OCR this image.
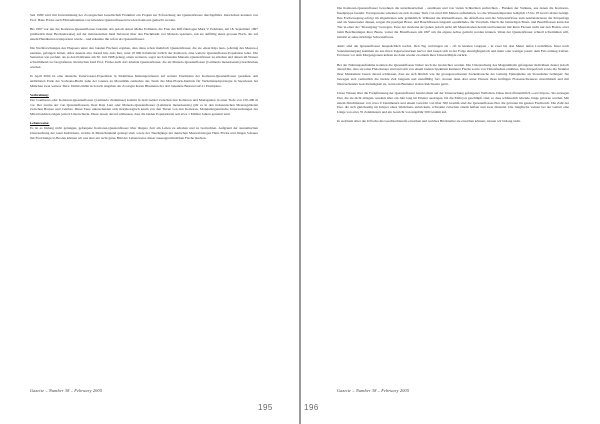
Seit 1989 wird mit Unterstützung der Zoologischen Gesellschaft Frankfurt ein Projekt zur Erforschung der Quastenflosser durchgeführt. Inzwischen konnten von Prof. Hans Fricke auch Filmaufnahmen von lebenden Quastenflossern bei den Komoren gemacht werden.

Bis 1997 war nur der Komoren-Quastenflosser bekannt. Als jedoch Arnaz Mehta Erdmann, die Frau des Riff-Ökologen Mark V. Erdmann, am 18. September 1997 (unlässlich ihrer Hochzeitsreise) auf der indonesischen Insel Sulawesi über den Fischmarkt von Manado spazierte, sah sie auffällig einen grossen Fisch, der auf einem Handkarren transportiert wurde – und erkannte ihn sofort als Quastenflosser.

Die Nachforschungen des Ehepaars unter den lokalen Fischern ergaben, dass diese schon mehrfach Quastenflosser, die sie «ikan Raja laut» («König des Meeres») nannten, gefangen hatten. Alles deutete also darauf hin, dass hier, rund 10 000 Kilometer östlich der Komoren, eine weitere Quastenflosser-Population lebte. Die Sensation war perfekt, als es den Erdmanns am 30. Juli 1998 gelang, einen weiteren, sogar noch lebenden Manado-Quastenflosser zu erhalten und diesen im Wasser schwimmend zu fotografieren. Inzwischen fand Prof. Fricke auch dort lebende Quastenflosser, die als Manado-Quastenflosser (Latimeria menadoensis) beschrieben wurden.

In April 2004 ist eine deutsche Unterwasser-Expedition in Südafrikas Küstengewässern auf weitere Exemplare der Komoren-Quastenflosser gestoßen. Am südlichsten Ende der Sodwana-Bucht nahe der Grenze zu Mosambik entdeckte das Team des Max-Planck-Instituts für Verhaltensphysiologie in Seewiesen bei München zwei weitere Tiere. Damit erhöht sich nach Angaben der Zoologin Karen Hissmann der dort bekannte Bestand auf 21 Exemplare.

Verbreitung:

Der Gombessa oder Komoren-Quastenflosser (Latimeria chalumnae) kommt in dem Gebiet zwischen den Komoren und Madagaskar in einer Tiefe von 150-400 m vor. Der zweite Art von Quastenflossern, Ikan Raja Laut oder Manado-Quastenflosser (Latimeria menadoensis) gibt es in den indonesischen Meeresgebieten zwischen Borneo und Celebes. Diese Tiere unterscheiden sich morphologisch kaum von den Tieren von den Komoren. Molekulargenetische Untersuchungen der Mitochondrien zeigen jedoch Unterschiede. Diese lassen darauf schliessen, dass die beiden Populationen seit etwa 1 Million Jahren getrennt sind.

Lebensweise:

Es ist es bislang nicht gelungen, gefangene Komoren-Quastenflosser über längere Zeit am Leben zu erhalten und zu beobachten. Aufgrund der anatomischen Untersuchung der toten Individuen, welche in Menschenhand gelangt sind, sowie der Tauchgänge der deutschen Meeresbiologen Hans Fricke und Jürgen Schauer mit Forschungs-U-Booten können wir uns aber ein recht gutes Bild der Lebensweise dieser aussergewöhnlichen Fische machen.

Gazette – Number 38 – February 2005
195

Die Komoren-Quastenflosser bewohnen die untermeerischen - sandlosen und von vielen Schluchten zerfurchten - Flanken der Vulkane, aus denen die Komoren-Inselgruppe besteht. Vorzugsweise scheinen sie sich in einer Tiefe von rund 200 Metern aufzuhalten, wo die Wassertemperatur lediglich 15 bis 18 Grad Celsius beträgt. Ihre Fortbewegung erfolgt im allgemeinen sehr gemächlich: Während die Rückenflossen, die Afterflosse und die Schwanzflosse zum Ausbalancieren der Körperlage und als Steuerruder dienen, sorgen die paarigen Brust- und Bauchflossen langsam «paddelnde» für Vorschub. Durch die beinartigen Brust- und Bauchflossen kann das Tier in einer Art "Kreuzgang" bewegen, Tiere der moderne Art gehen jedoch nicht am Meeresboden herum und benutzen mit ihren Flossen nicht nur den Boden, etwa beim Beschleunigen ihrer Beute, wobei die Brustflossen um 180° um die eigene Achse gedreht werden können. Wenn der Quastenflosser schnell schwimmen will, benutzt er seine mächtige Schwanzflosse.

Aktiv sind die Quastenflosser hauptsächlich nachts. Den Tag verbringen sie - oft in kleinen Gruppen - in zwei bis drei Meter tiefen Lavahöhlen. Kurz nach Sonnenuntergang kommen sie aus ihren Tagesverstecken hervor und lassen sich in der Folge einzelgängerisch und mehr oder weniger passiv dem Fels entlang treiben. Erst kurz vor dem Morgengrauen kehren sie dann wieder zu einem ihrer Unterschlüpfe zurück.

Bei der Nahrungsaufnahme konnten die Quastenflosser bisher noch nie beobachtet werden. Die Untersuchung des Mageninhalts gefangener Individuen deutet jedoch darauf hin, dass sie reine Fleischesser sind und sich von einem breiten Spektrum kleinerer Fische sowie von Tintenfischen ernähren. Ihre Körperform sowie die Struktur ihrer Muskulatur lassen darauf schliessen, dass sie sich ähnlich wie die grossgewachsenen Zackenbarsche der Gattung Epinephelus als Stosstäuber betätigen: Sie bewegen sich vermutlich die meiste Zeit langsam und unauffällig fort, stossen dann aber unter Einsatz ihres kräftigen Flossenschwanzes unvermittelt und mit überraschender Geschwindigkeit zu, wenn ein Beutetier in ihre Reichweite gerät.

Unser Wissen über die Fortpflanzung der Quastenflosser beruht allein auf der Untersuchung gefangener Weibchen. Diese sind offensichtlich «ovovivipar». Sie erzeugen Eier, die sie nicht ablegen, sondern über ein Jahr lang im Eileiter austragen, bis die Embryos geschlüpft sind, so dass schliesslich lebende Junge geboren werden. Mit einem Durchmesser von etwa 9 Zentimetern und einem Gewicht von über 300 Gramm sind die Quastenflosser-Eier die grössten im ganzen Fischreich. Die Zahl der Eier, die sich gleichzeitig im Körper eines Weibchens entwickeln, schwankt zwischen einem halben und zwei Dutzend. Die Jungfische weisen bei der Geburt eine Länge von etwa 35 Zentimetern und ein Gewicht von ungefähr 500 Gramm auf.

In welchem Alter die Urfische die Geschlechtsreife erreichen und welches Höchstalter sie erreichen können, wissen wir bislang nicht.

Gazette – Number 38 – February 2005
196
